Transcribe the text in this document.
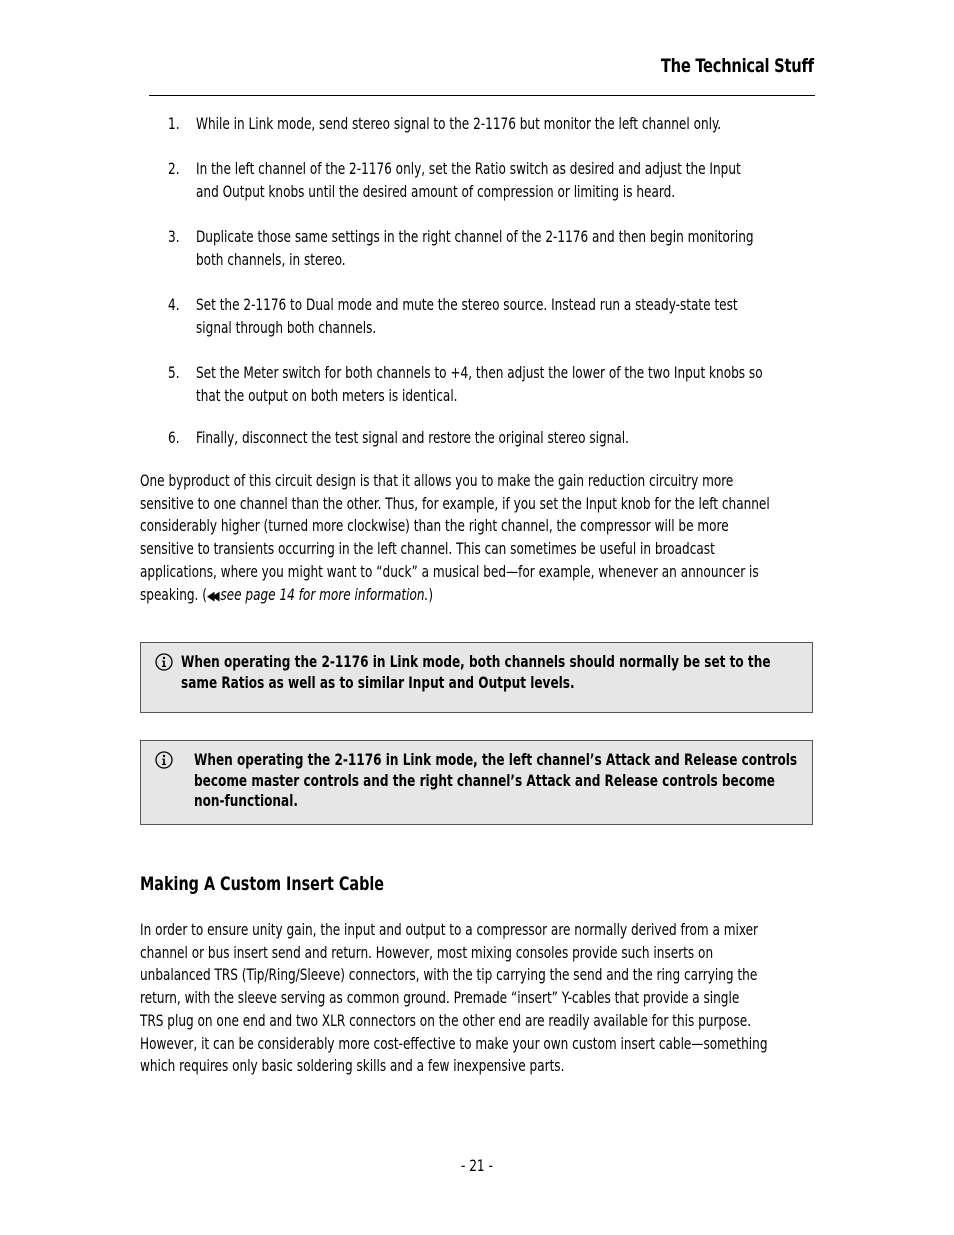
The Technical Stuff
1.	While in Link mode, send stereo signal to the 2-1176 but monitor the left channel only.
2.	In the left channel of the 2-1176 only, set the Ratio switch as desired and adjust the Input
and Output knobs until the desired amount of compression or limiting is heard.
3.	Duplicate those same settings in the right channel of the 2-1176 and then begin monitoring
both channels, in stereo.
4.	Set the 2-1176 to Dual mode and mute the stereo source. Instead run a steady-state test
signal through both channels.
5.	Set the Meter switch for both channels to +4, then adjust the lower of the two Input knobs so
that the output on both meters is identical.
6.	Finally, disconnect the test signal and restore the original stereo signal.
One byproduct of this circuit design is that it allows you to make the gain reduction circuitry more
sensitive to one channel than the other. Thus, for example, if you set the Input knob for the left channel
considerably higher (turned more clockwise) than the right channel, the compressor will be more
sensitive to transients occurring in the left channel. This can sometimes be useful in broadcast
applications, where you might want to “duck” a musical bed—for example, whenever an announcer is
speaking. (◀◀ see page 14 for more information.)
When operating the 2-1176 in Link mode, both channels should normally be set to the
same Ratios as well as to similar Input and Output levels.
When operating the 2-1176 in Link mode, the left channel’s Attack and Release controls
become master controls and the right channel’s Attack and Release controls become
non-functional.
Making A Custom Insert Cable
In order to ensure unity gain, the input and output to a compressor are normally derived from a mixer
channel or bus insert send and return. However, most mixing consoles provide such inserts on
unbalanced TRS (Tip/Ring/Sleeve) connectors, with the tip carrying the send and the ring carrying the
return, with the sleeve serving as common ground. Premade “insert” Y-cables that provide a single
TRS plug on one end and two XLR connectors on the other end are readily available for this purpose.
However, it can be considerably more cost-effective to make your own custom insert cable—something
which requires only basic soldering skills and a few inexpensive parts.
- 21 -
